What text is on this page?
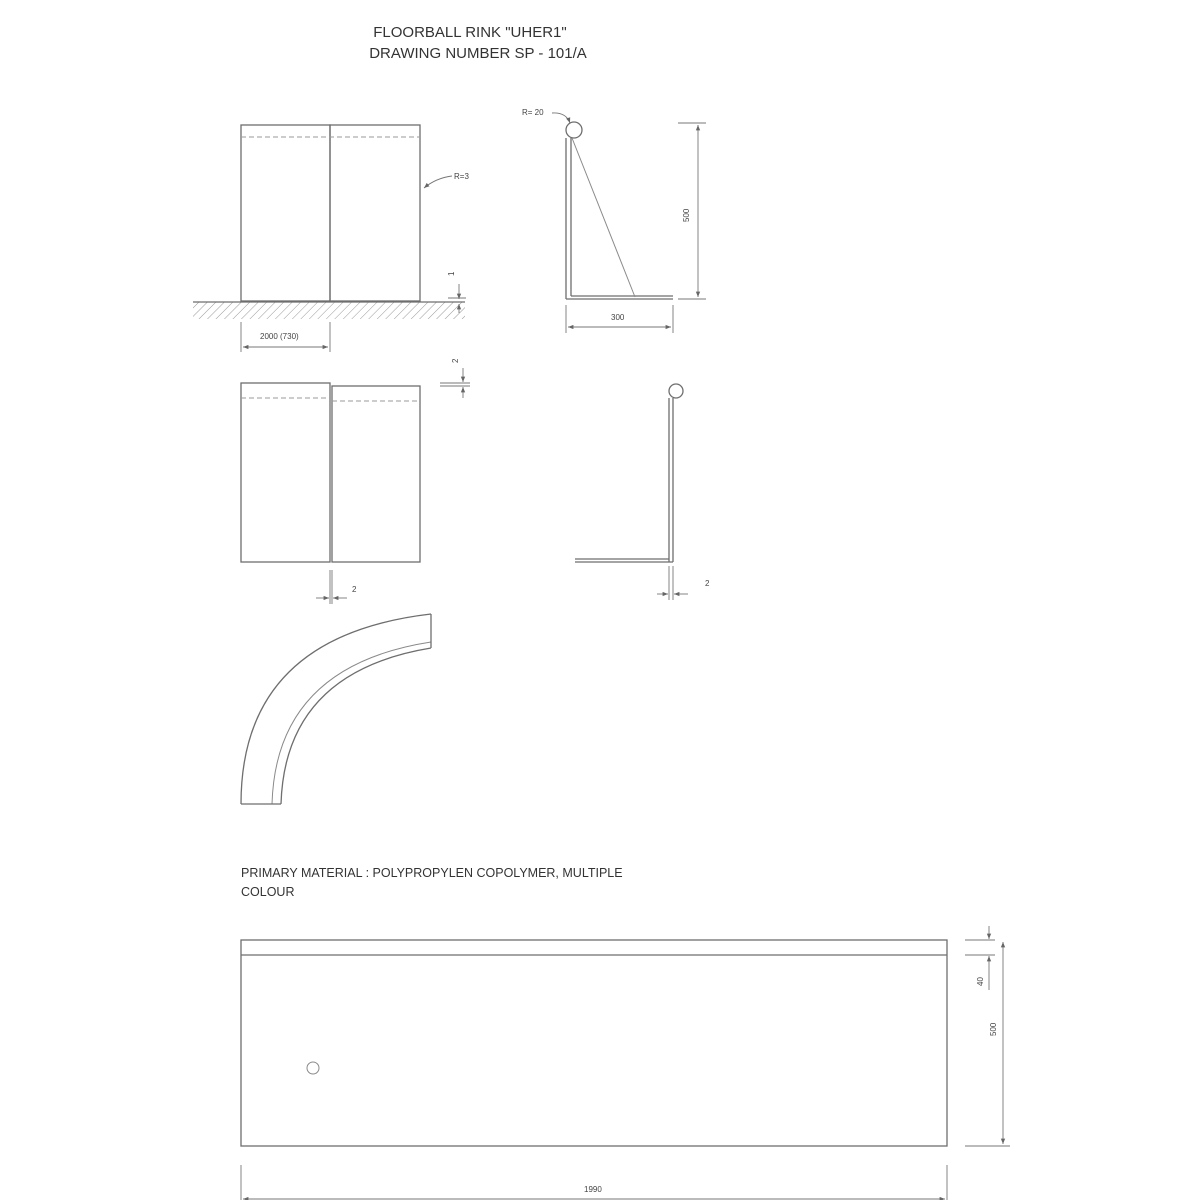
FLOORBALL RINK "UHER1"
DRAWING NUMBER SP - 101/A
R=3
1
2000 (730)
R= 20
500
300
2
2
2
PRIMARY MATERIAL : POLYPROPYLEN COPOLYMER, MULTIPLE
COLOUR
40
500
1990
